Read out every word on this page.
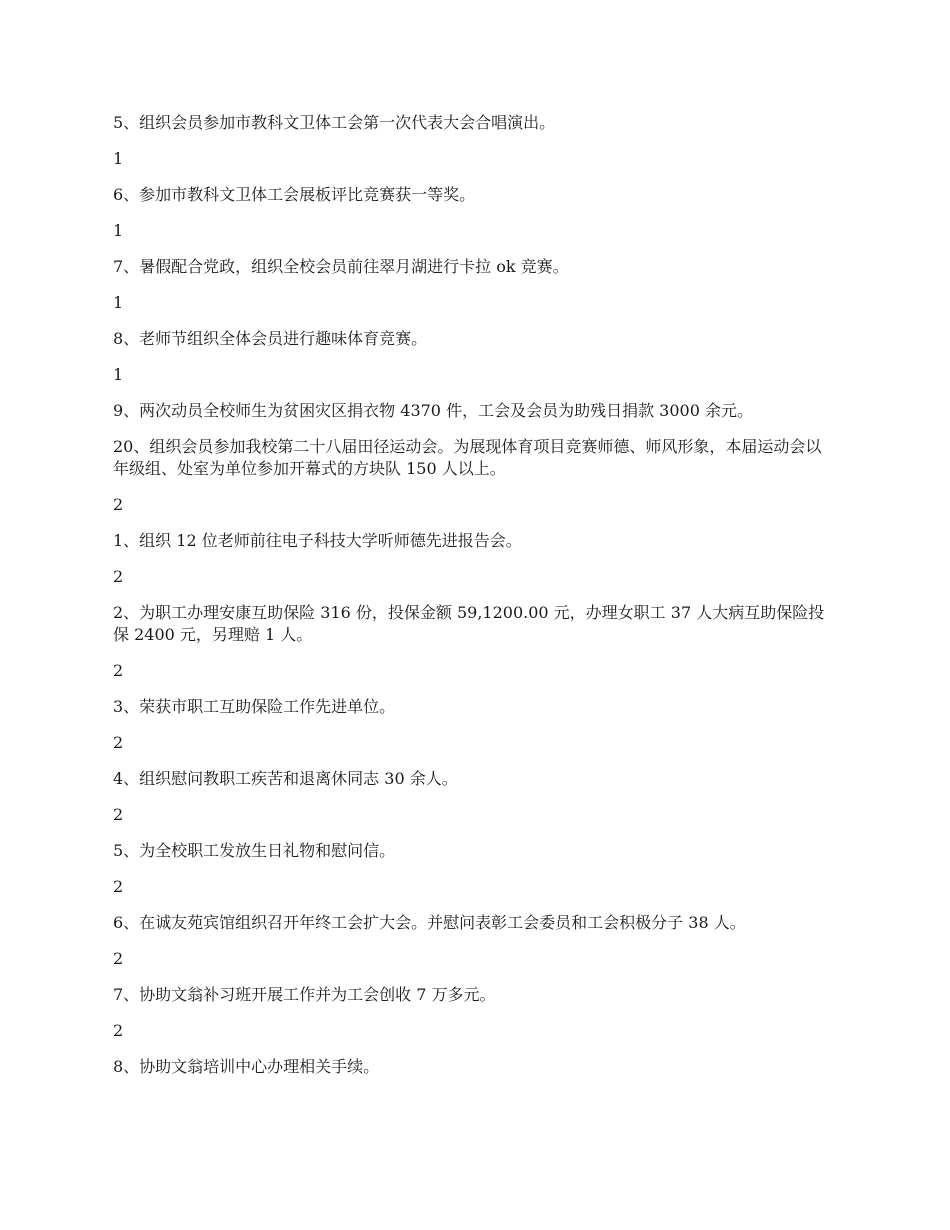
5、组织会员参加市教科文卫体工会第一次代表大会合唱演出。

1

6、参加市教科文卫体工会展板评比竞赛获一等奖。

1

7、暑假配合党政，组织全校会员前往翠月湖进行卡拉 ok 竞赛。

1

8、老师节组织全体会员进行趣味体育竞赛。

1

9、两次动员全校师生为贫困灾区捐衣物 4370 件，工会及会员为助残日捐款 3000 余元。

20、组织会员参加我校第二十八届田径运动会。为展现体育项目竞赛师德、师风形象，本届运动会以年级组、处室为单位参加开幕式的方块队 150 人以上。

2

1、组织 12 位老师前往电子科技大学听师德先进报告会。

2

2、为职工办理安康互助保险 316 份，投保金额 59,1200.00 元，办理女职工 37 人大病互助保险投保 2400 元，另理赔 1 人。

2

3、荣获市职工互助保险工作先进单位。

2

4、组织慰问教职工疾苦和退离休同志 30 余人。

2

5、为全校职工发放生日礼物和慰问信。

2

6、在诚友苑宾馆组织召开年终工会扩大会。并慰问表彰工会委员和工会积极分子 38 人。

2

7、协助文翁补习班开展工作并为工会创收 7 万多元。

2

8、协助文翁培训中心办理相关手续。
